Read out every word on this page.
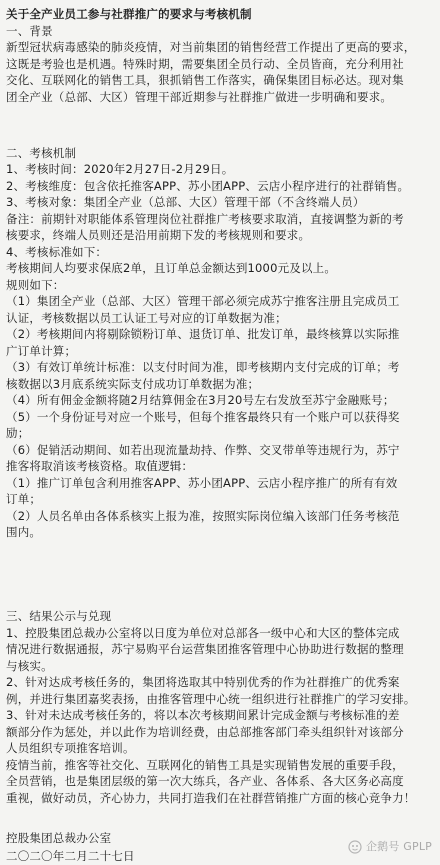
关于全产业员工参与社群推广的要求与考核机制

一、背景

新型冠状病毒感染的肺炎疫情，对当前集团的销售经营工作提出了更高的要求，

这既是考验也是机遇。特殊时期，需要集团全员行动、全员皆商，充分利用社

交化、互联网化的销售工具，狠抓销售工作落实，确保集团目标必达。现对集

团全产业（总部、大区）管理干部近期参与社群推广做进一步明确和要求。

二、考核机制

1、考核时间：2020年2月27日-2月29日。

2、考核维度：包含依托推客APP、苏小团APP、云店小程序进行的社群销售。

3、考核对象：集团全产业（总部、大区）管理干部（不含终端人员）

备注：前期针对职能体系管理岗位社群推广考核要求取消，直接调整为新的考

核要求，终端人员则还是沿用前期下发的考核规则和要求。

4、考核标准如下：

考核期间人均要求保底2单，且订单总金额达到1000元及以上。

规则如下：

（1）集团全产业（总部、大区）管理干部必须完成苏宁推客注册且完成员工

认证，考核数据以员工认证工号对应的订单数据为准；

（2）考核期间内将剔除锁粉订单、退货订单、批发订单，最终核算以实际推

广订单计算；

（3）有效订单统计标准：以支付时间为准，即考核期内支付完成的订单；考

核数据以3月底系统实际支付成功订单数据为准；

（4）所有佣金金额将随2月结算佣金在3月20号左右发放至苏宁金融账号；

（5）一个身份证号对应一个账号，但每个推客最终只有一个账户可以获得奖

励；

（6）促销活动期间、如若出现流量劫持、作弊、交叉带单等违规行为，苏宁

推客将取消该考核资格。取值逻辑：

（1）推广订单包含利用推客APP、苏小团APP、云店小程序推广的所有有效

订单；

（2）人员名单由各体系核实上报为准，按照实际岗位编入该部门任务考核范

围内。

三、结果公示与兑现

1、控股集团总裁办公室将以日度为单位对总部各一级中心和大区的整体完成

情况进行数据通报，苏宁易购平台运营集团推客管理中心协助进行数据的整理

与核实。

2、针对达成考核任务的，集团将选取其中特别优秀的作为社群推广的优秀案

例，并进行集团嘉奖表扬，由推客管理中心统一组织进行社群推广的学习安排。

3、针对未达成考核任务的，将以本次考核期间累计完成金额与考核标准的差

额部分作为惩处，并以此作为培训经费，由总部推客部门牵头组织针对该部分

人员组织专项推客培训。

疫情当前，推客等社交化、互联网化的销售工具是实现销售发展的重要手段，

全员营销，也是集团层级的第一次大练兵，各产业、各体系、各大区务必高度

重视，做好动员，齐心协力，共同打造我们在社群营销推广方面的核心竞争力！

控股集团总裁办公室

二〇二〇年二月二十七日

企鹅号 GPLP
